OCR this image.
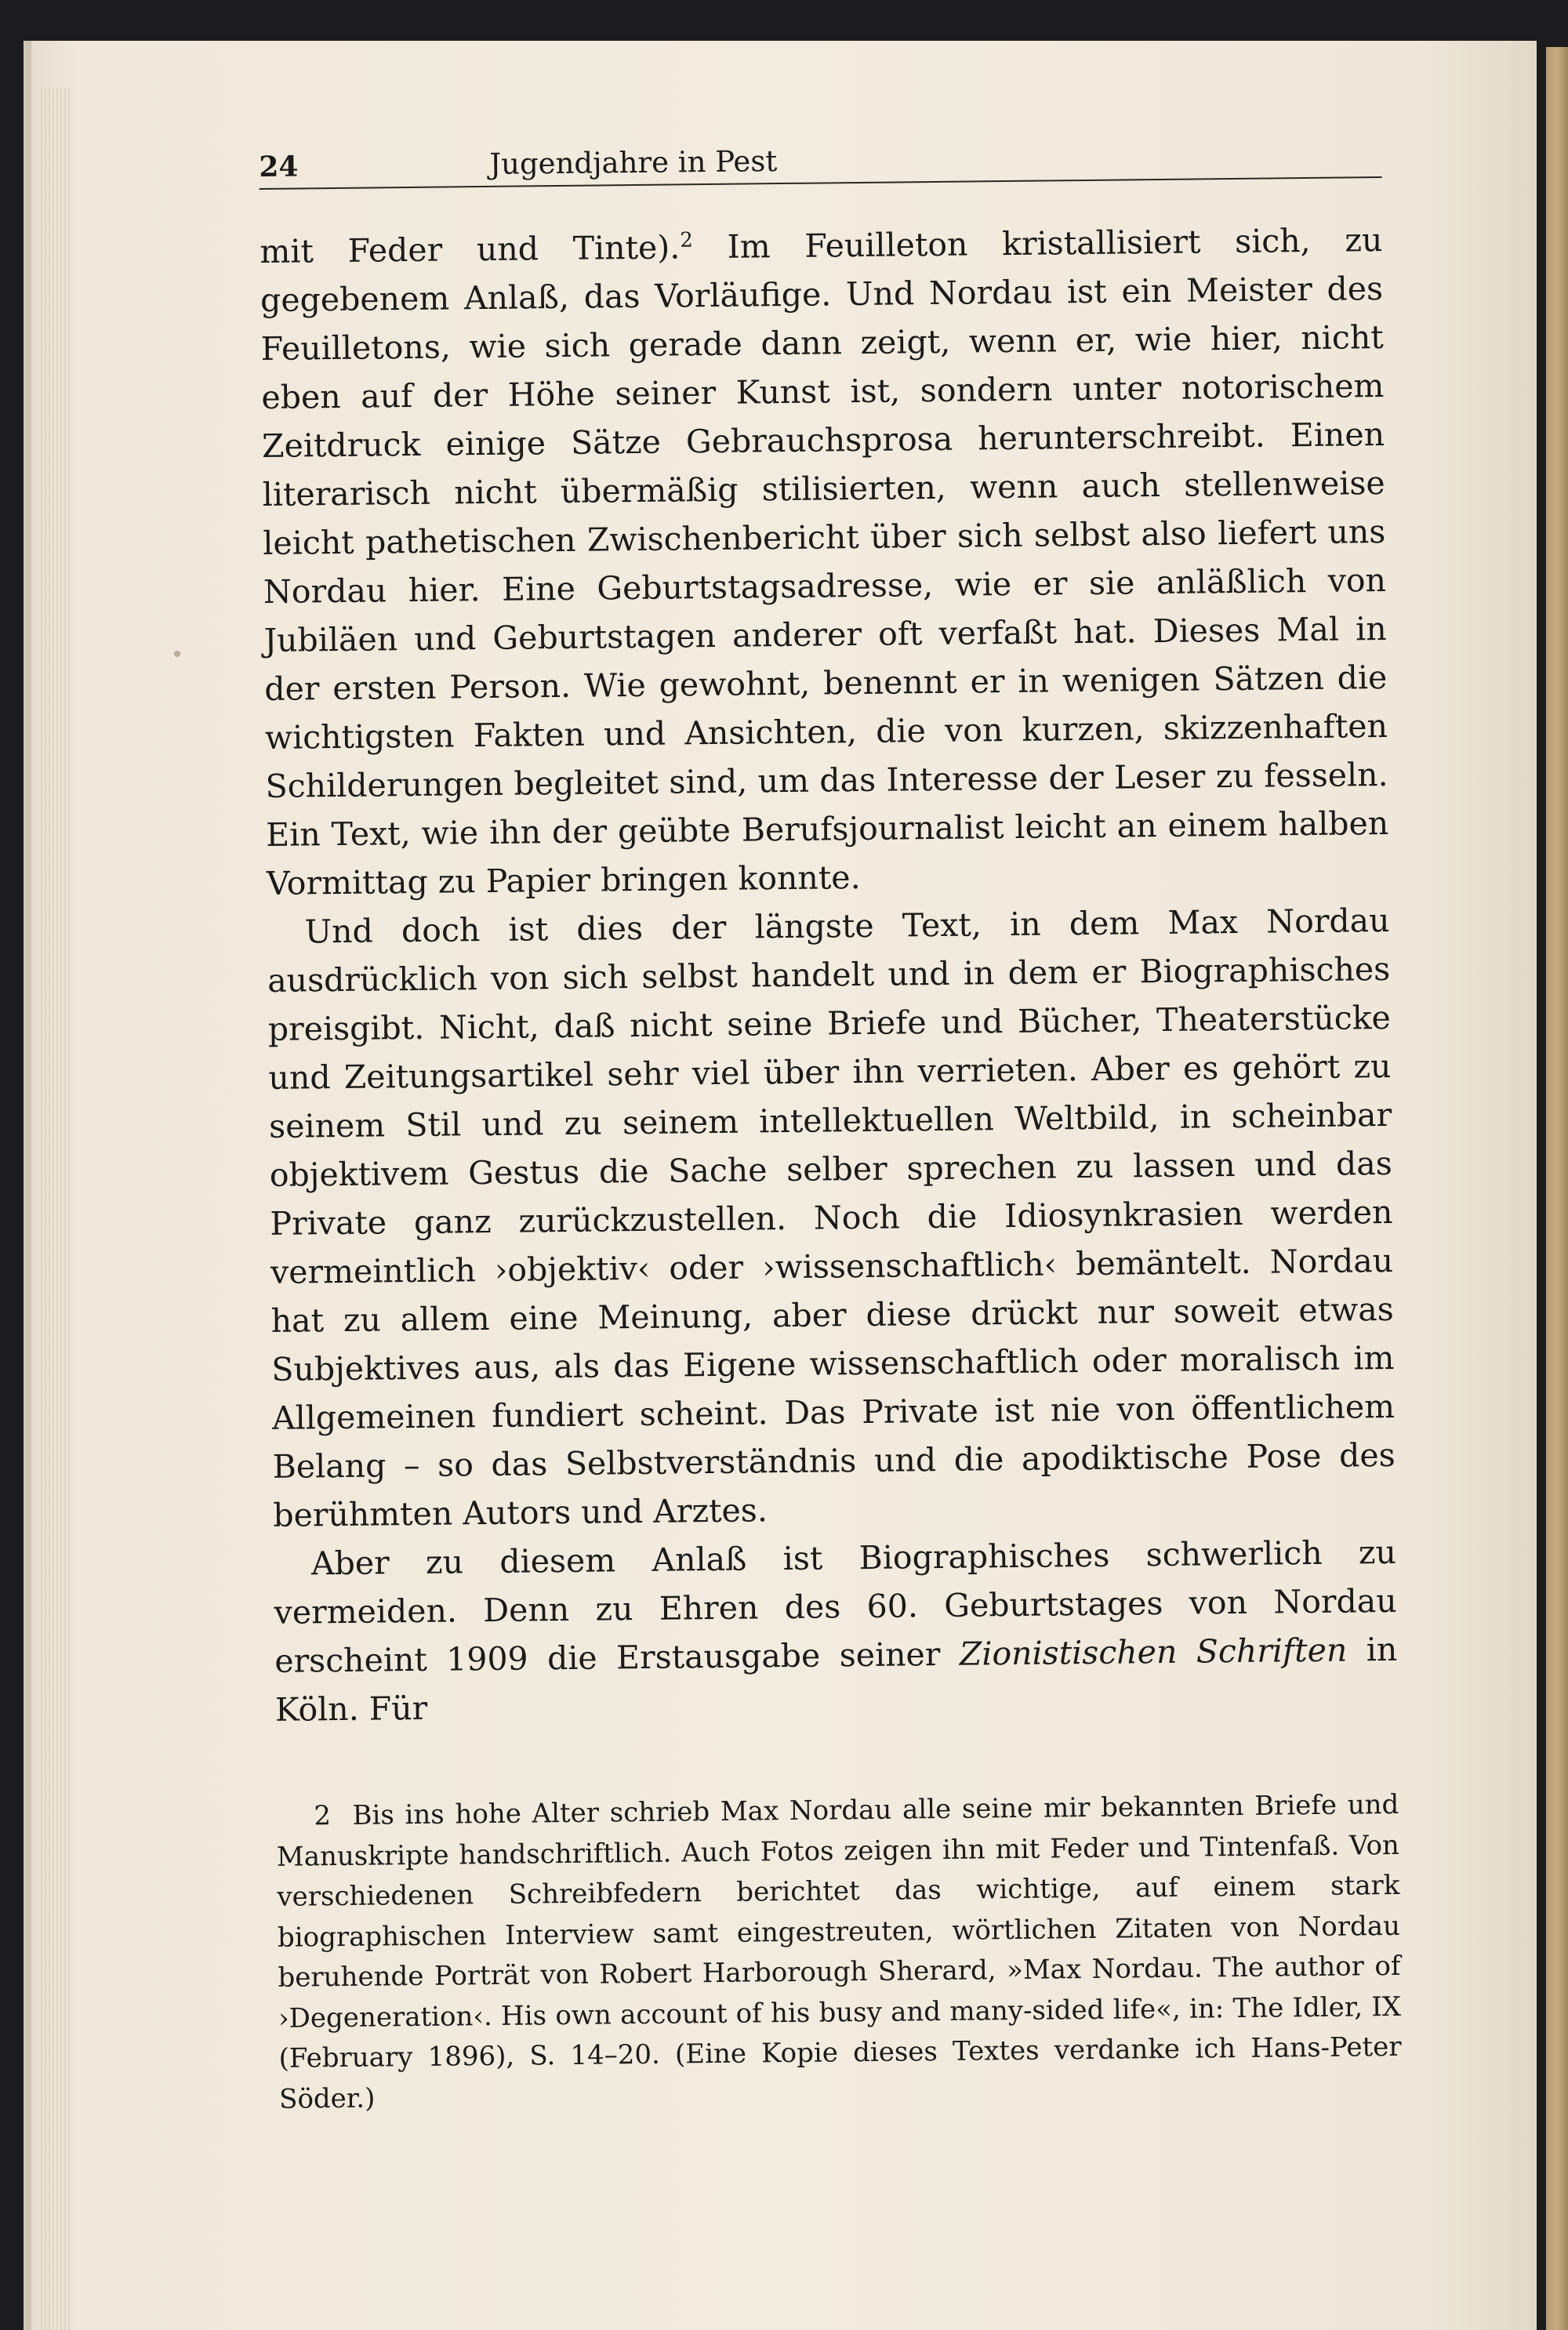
24	Jugendjahre in Pest

mit Feder und Tinte).$^2$ Im Feuilleton kristallisiert sich, zu gegebenem Anlaß, das Vorläufige. Und Nordau ist ein Meister des Feuilletons, wie sich gerade dann zeigt, wenn er, wie hier, nicht eben auf der Höhe seiner Kunst ist, sondern unter notorischem Zeitdruck einige Sätze Gebrauchsprosa herunterschreibt. Einen literarisch nicht übermäßig stilisierten, wenn auch stellenweise leicht pathetischen Zwischenbericht über sich selbst also liefert uns Nordau hier. Eine Geburtstagsadresse, wie er sie anläßlich von Jubiläen und Geburtstagen anderer oft verfaßt hat. Dieses Mal in der ersten Person. Wie gewohnt, benennt er in wenigen Sätzen die wichtigsten Fakten und Ansichten, die von kurzen, skizzenhaften Schilderungen begleitet sind, um das Interesse der Leser zu fesseln. Ein Text, wie ihn der geübte Berufsjournalist leicht an einem halben Vormittag zu Papier bringen konnte.

Und doch ist dies der längste Text, in dem Max Nordau ausdrücklich von sich selbst handelt und in dem er Biographisches preisgibt. Nicht, daß nicht seine Briefe und Bücher, Theaterstücke und Zeitungsartikel sehr viel über ihn verrieten. Aber es gehört zu seinem Stil und zu seinem intellektuellen Weltbild, in scheinbar objektivem Gestus die Sache selber sprechen zu lassen und das Private ganz zurückzustellen. Noch die Idiosynkrasien werden vermeintlich ›objektiv‹ oder ›wissenschaftlich‹ bemäntelt. Nordau hat zu allem eine Meinung, aber diese drückt nur soweit etwas Subjektives aus, als das Eigene wissenschaftlich oder moralisch im Allgemeinen fundiert scheint. Das Private ist nie von öffentlichem Belang – so das Selbstverständnis und die apodiktische Pose des berühmten Autors und Arztes.

Aber zu diesem Anlaß ist Biographisches schwerlich zu vermeiden. Denn zu Ehren des 60. Geburtstages von Nordau erscheint 1909 die Erstausgabe seiner Zionistischen Schriften in Köln. Für

2 Bis ins hohe Alter schrieb Max Nordau alle seine mir bekannten Briefe und Manuskripte handschriftlich. Auch Fotos zeigen ihn mit Feder und Tintenfaß. Von verschiedenen Schreibfedern berichtet das wichtige, auf einem stark biographischen Interview samt eingestreuten, wörtlichen Zitaten von Nordau beruhende Porträt von Robert Harborough Sherard, »Max Nordau. The author of ›Degeneration‹. His own account of his busy and many-sided life«, in: The Idler, IX (February 1896), S. 14–20. (Eine Kopie dieses Textes verdanke ich Hans-Peter Söder.)
